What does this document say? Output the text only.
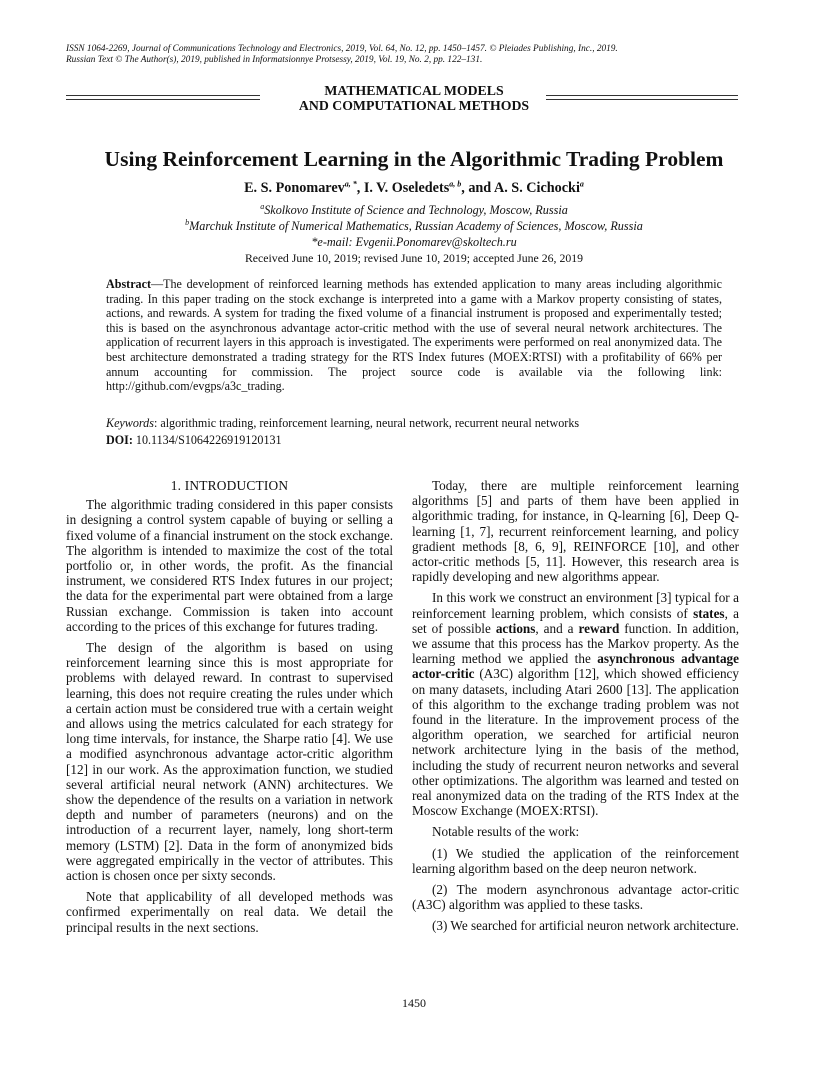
ISSN 1064-2269, Journal of Communications Technology and Electronics, 2019, Vol. 64, No. 12, pp. 1450–1457. © Pleiades Publishing, Inc., 2019.
Russian Text © The Author(s), 2019, published in Informatsionnye Protsessy, 2019, Vol. 19, No. 2, pp. 122–131.
MATHEMATICAL MODELS
AND COMPUTATIONAL METHODS
Using Reinforcement Learning in the Algorithmic Trading Problem
E. S. Ponomarev$^{a, *}$, I. V. Oseledets$^{a, b}$, and A. S. Cichocki$^a$
$^a$Skolkovo Institute of Science and Technology, Moscow, Russia
$^b$Marchuk Institute of Numerical Mathematics, Russian Academy of Sciences, Moscow, Russia
*e-mail: Evgenii.Ponomarev@skoltech.ru
Received June 10, 2019; revised June 10, 2019; accepted June 26, 2019
Abstract—The development of reinforced learning methods has extended application to many areas including algorithmic trading. In this paper trading on the stock exchange is interpreted into a game with a Markov property consisting of states, actions, and rewards. A system for trading the fixed volume of a financial instrument is proposed and experimentally tested; this is based on the asynchronous advantage actor-critic method with the use of several neural network architectures. The application of recurrent layers in this approach is investigated. The experiments were performed on real anonymized data. The best architecture demonstrated a trading strategy for the RTS Index futures (MOEX:RTSI) with a profitability of 66% per annum accounting for commission. The project source code is available via the following link: http://github.com/evgps/a3c_trading.
Keywords: algorithmic trading, reinforcement learning, neural network, recurrent neural networks
DOI: 10.1134/S1064226919120131
1. INTRODUCTION

The algorithmic trading considered in this paper consists in designing a control system capable of buying or selling a fixed volume of a financial instrument on the stock exchange. The algorithm is intended to maximize the cost of the total portfolio or, in other words, the profit. As the financial instrument, we considered RTS Index futures in our project; the data for the experimental part were obtained from a large Russian exchange. Commission is taken into account according to the prices of this exchange for futures trading.

The design of the algorithm is based on using reinforcement learning since this is most appropriate for problems with delayed reward. In contrast to supervised learning, this does not require creating the rules under which a certain action must be considered true with a certain weight and allows using the metrics calculated for each strategy for long time intervals, for instance, the Sharpe ratio [4]. We use a modified asynchronous advantage actor-critic algorithm [12] in our work. As the approximation function, we studied several artificial neural network (ANN) architectures. We show the dependence of the results on a variation in network depth and number of parameters (neurons) and on the introduction of a recurrent layer, namely, long short-term memory (LSTM) [2]. Data in the form of anonymized bids were aggregated empirically in the vector of attributes. This action is chosen once per sixty seconds.

Note that applicability of all developed methods was confirmed experimentally on real data. We detail the principal results in the next sections.

Today, there are multiple reinforcement learning algorithms [5] and parts of them have been applied in algorithmic trading, for instance, in Q-learning [6], Deep Q-learning [1, 7], recurrent reinforcement learning, and policy gradient methods [8, 6, 9], REINFORCE [10], and other actor-critic methods [5, 11]. However, this research area is rapidly developing and new algorithms appear.

In this work we construct an environment [3] typical for a reinforcement learning problem, which consists of states, a set of possible actions, and a reward function. In addition, we assume that this process has the Markov property. As the learning method we applied the asynchronous advantage actor-critic (A3C) algorithm [12], which showed efficiency on many datasets, including Atari 2600 [13]. The application of this algorithm to the exchange trading problem was not found in the literature. In the improvement process of the algorithm operation, we searched for artificial neuron network architecture lying in the basis of the method, including the study of recurrent neuron networks and several other optimizations. The algorithm was learned and tested on real anonymized data on the trading of the RTS Index at the Moscow Exchange (MOEX:RTSI).

Notable results of the work:

(1) We studied the application of the reinforcement learning algorithm based on the deep neuron network.

(2) The modern asynchronous advantage actor-critic (A3C) algorithm was applied to these tasks.

(3) We searched for artificial neuron network architecture.

1450
